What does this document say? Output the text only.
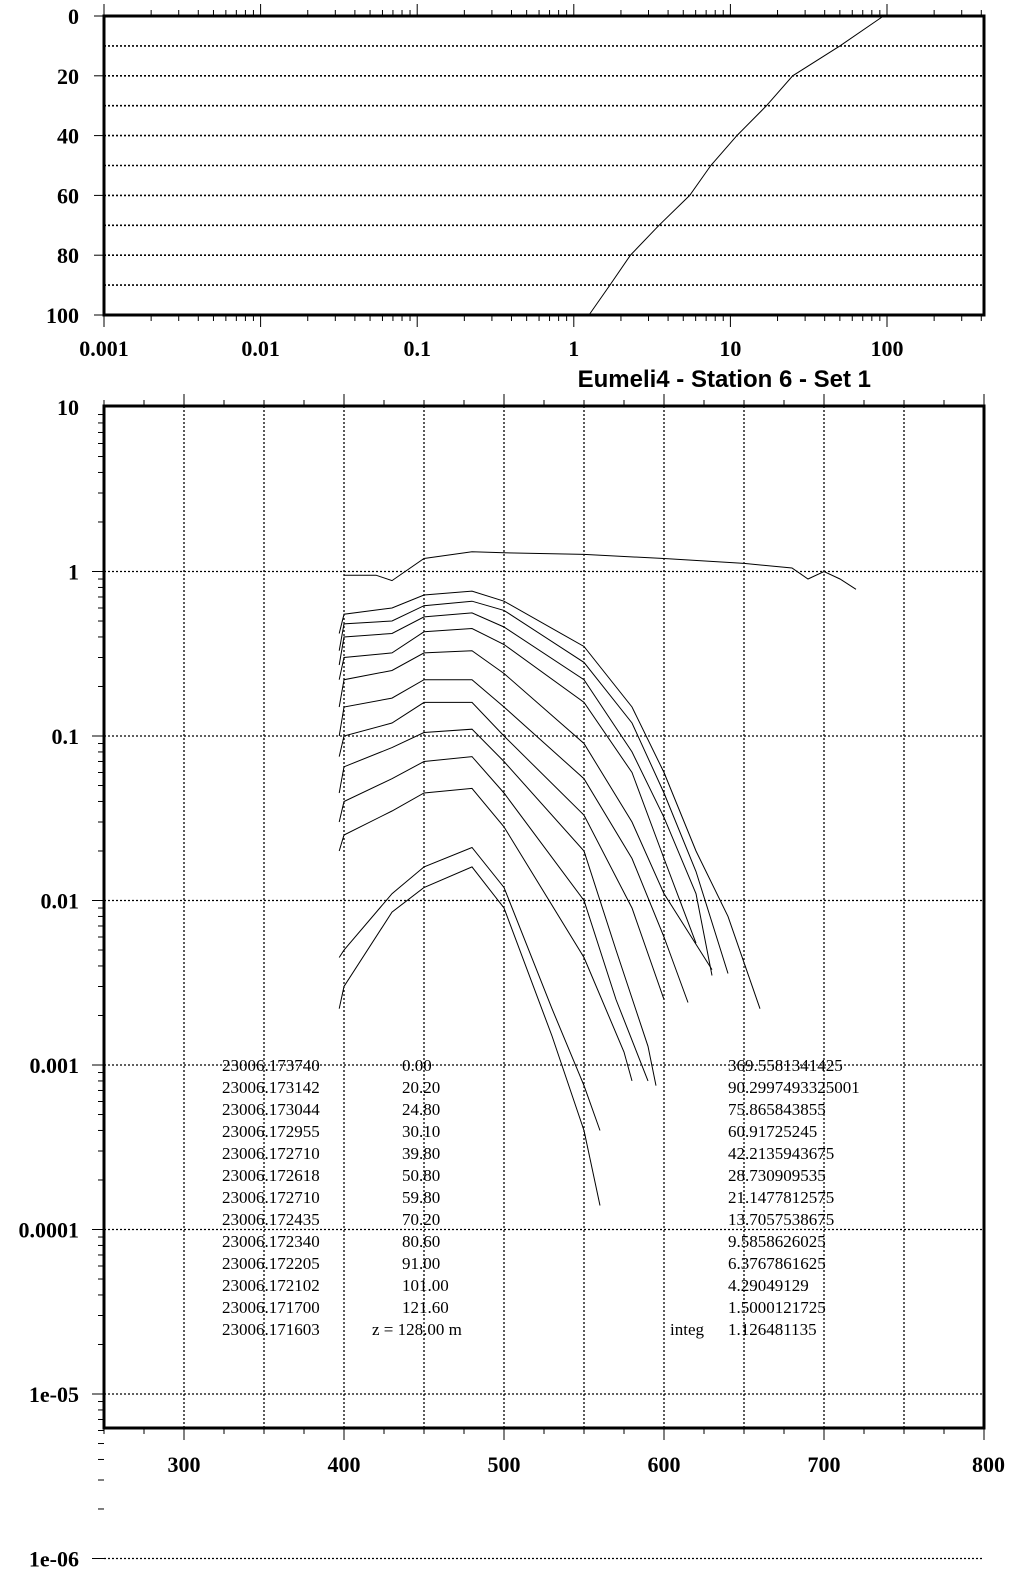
0.001	0.01	0.1	1	10	100
0
20
40
60
80
100
Eumeli4 - Station 6 - Set 1
300	400	500	600	700	800
10
1
0.1
0.01
0.001
0.0001
1e-05
1e-06
23006.173740	0.00	369.5581341425
23006.173142	20.20	90.2997493325001
23006.173044	24.80	75.865843855
23006.172955	30.10	60.91725245
23006.172710	39.80	42.2135943675
23006.172618	50.80	28.730909535
23006.172710	59.80	21.1477812575
23006.172435	70.20	13.7057538675
23006.172340	80.60	9.5858626025
23006.172205	91.00	6.3767861625
23006.172102	101.00	4.29049129
23006.171700	121.60	1.5000121725
23006.171603	z = 128.00 m	integ 1.126481135
